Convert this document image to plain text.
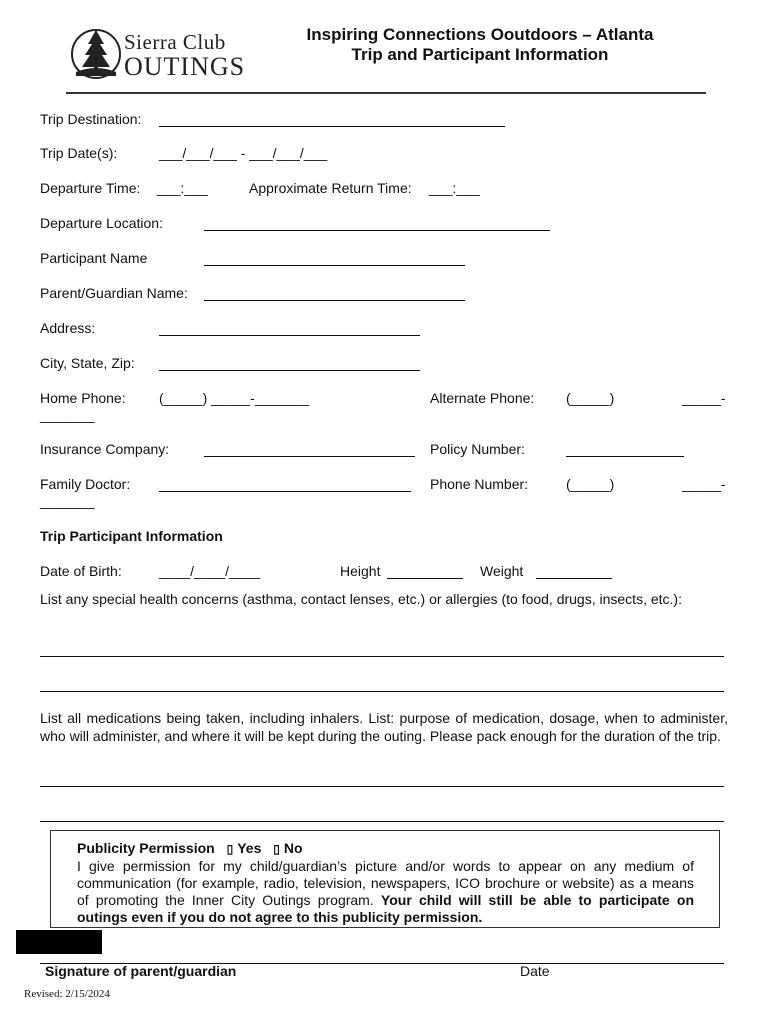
Sierra Club
OUTINGS
Inspiring Connections Ooutdoors – Atlanta
Trip and Participant Information
Trip Destination:
Trip Date(s):	___/___/___ - ___/___/___
Departure Time: ___:___	Approximate Return Time: ___:___
Departure Location:
Participant Name
Parent/Guardian Name:
Address:
City, State, Zip:
Home Phone: (_____) _____-_______	Alternate Phone: (_____)	_____-
_______
Insurance Company:	Policy Number:
Family Doctor:	Phone Number:	(_____)	_____-
_______
Trip Participant Information
Date of Birth:	____/____/____	Height	Weight
List any special health concerns (asthma, contact lenses, etc.) or allergies (to food, drugs, insects, etc.):
List all medications being taken, including inhalers. List: purpose of medication, dosage, when to administer, who will administer, and where it will be kept during the outing. Please pack enough for the duration of the trip.
Publicity Permission ▯ Yes ▯ No
I give permission for my child/guardian’s picture and/or words to appear on any medium of communication (for example, radio, television, newspapers, ICO brochure or website) as a means of promoting the Inner City Outings program. Your child will still be able to participate on outings even if you do not agree to this publicity permission.
Signature of parent/guardian	Date
Revised: 2/15/2024
